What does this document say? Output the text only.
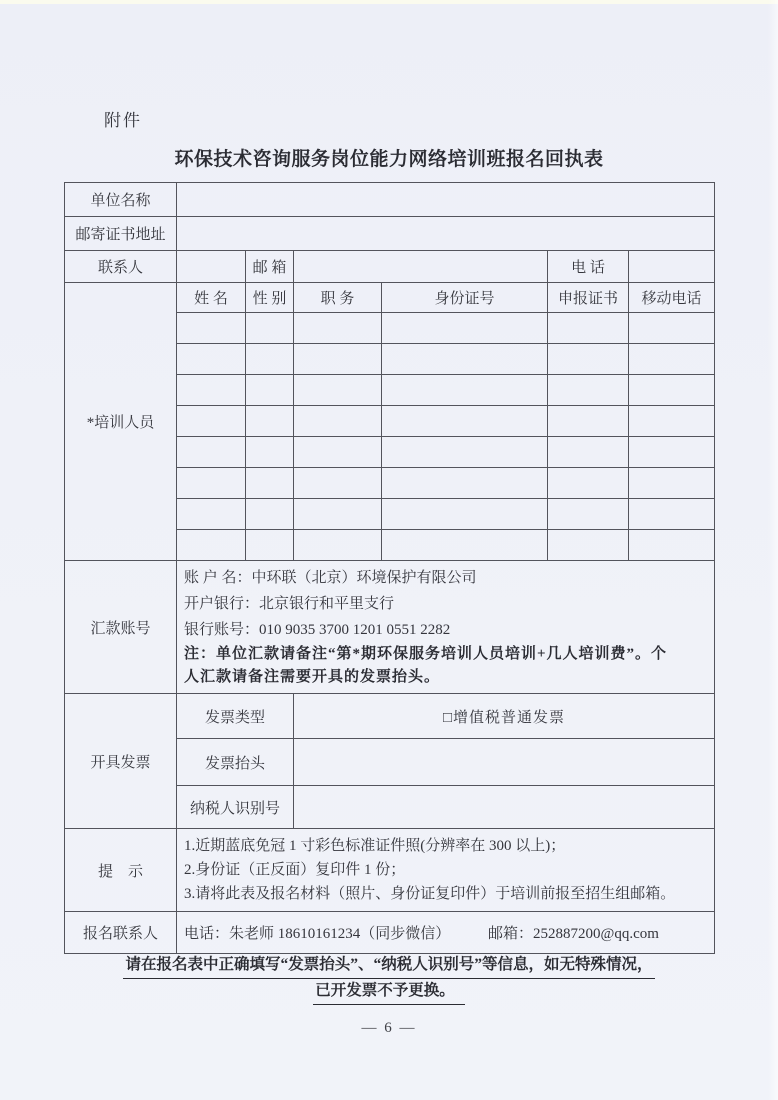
附件
环保技术咨询服务岗位能力网络培训班报名回执表
单位名称						
邮寄证书地址						
联系人		邮 箱			电 话	
*培训人员	姓 名	性 别	职 务	身份证号	申报证书	移动电话

汇款账号	账 户 名：中环联（北京）环境保护有限公司
开户银行：北京银行和平里支行
银行账号：010 9035 3700 1201 0551 2282
注：单位汇款请备注“第*期环保服务培训人员培训+几人培训费”。个
人汇款请备注需要开具的发票抬头。					

开具发票	发票类型		□增值税普通发票			
	发票抬头					
	纳税人识别号					
提　示	1.近期蓝底免冠 1 寸彩色标准证件照(分辨率在 300 以上)；
2.身份证（正反面）复印件 1 份；
3.请将此表及报名材料（照片、身份证复印件）于培训前报至招生组邮箱。					

报名联系人	电话：朱老师 18610161234（同步微信） 邮箱：252887200@qq.com					
请在报名表中正确填写“发票抬头”、“纳税人识别号”等信息，如无特殊情况，
已开发票不予更换。
— 6 —
